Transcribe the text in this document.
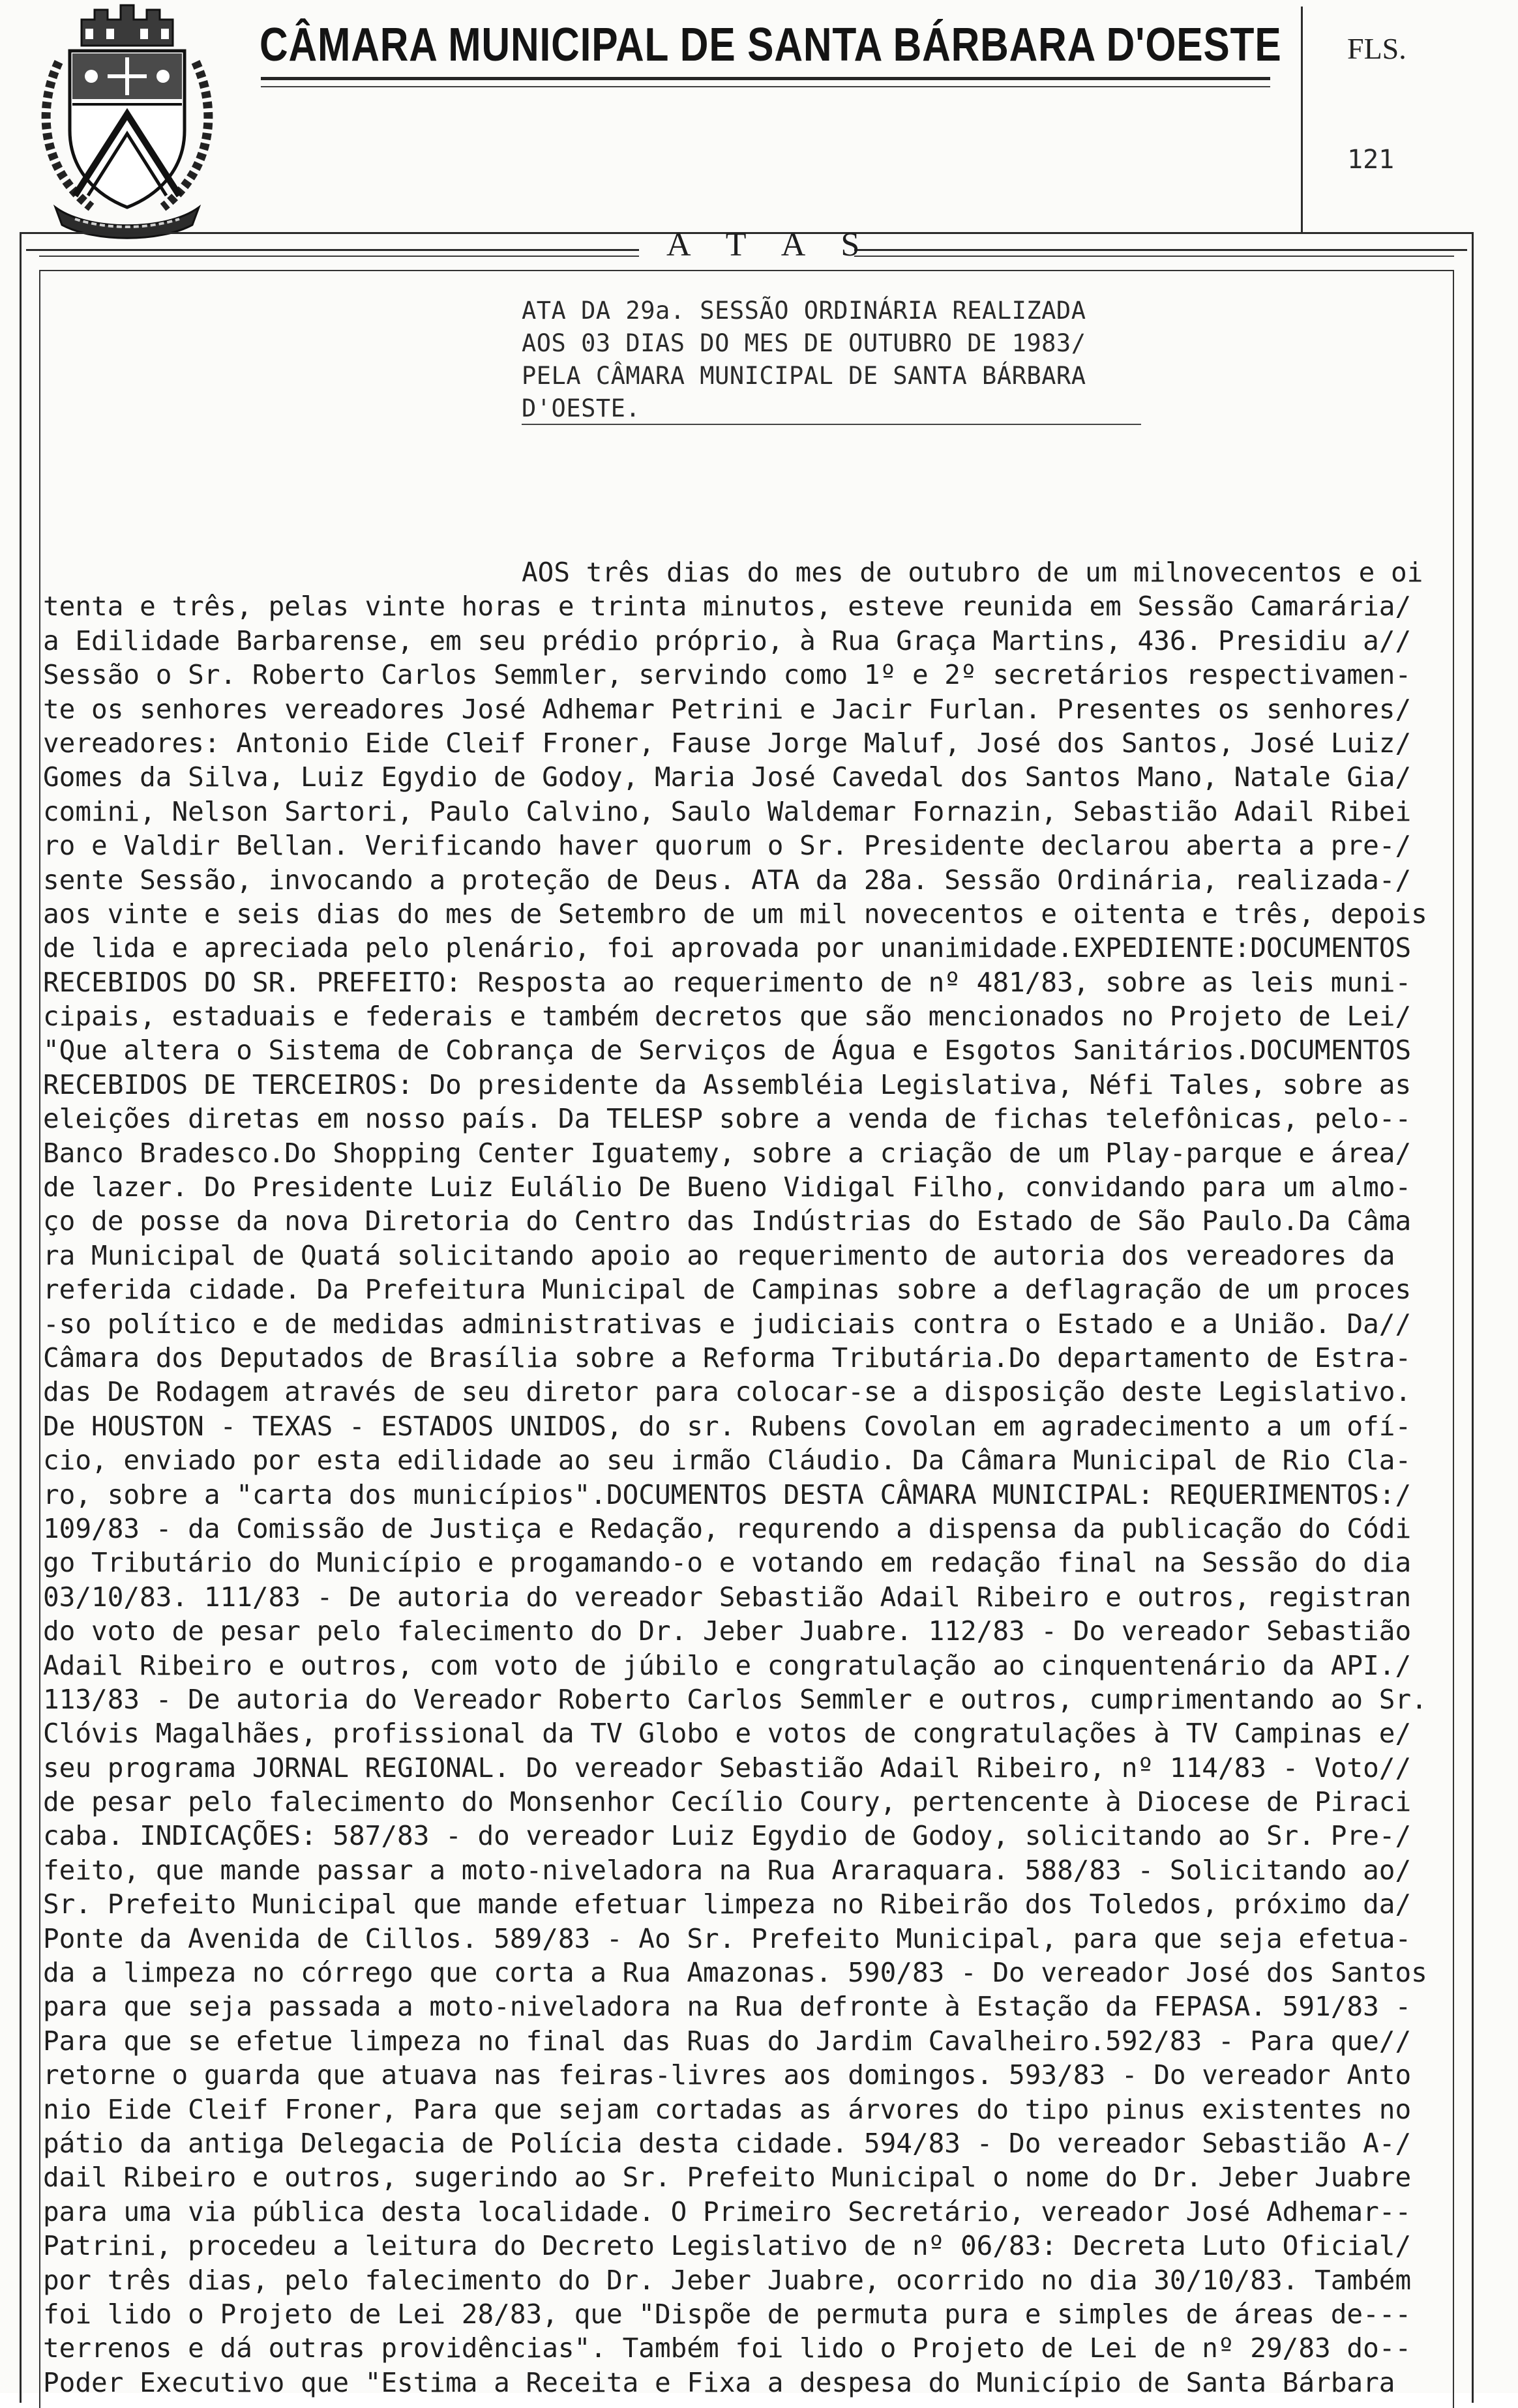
CÂMARA MUNICIPAL DE SANTA BÁRBARA D'OESTE FLS.
121
A T A S
ATA DA 29a. SESSÃO ORDINÁRIA REALIZADA
AOS 03 DIAS DO MES DE OUTUBRO DE 1983/
PELA CÂMARA MUNICIPAL DE SANTA BÁRBARA
D'OESTE.
AOS três dias do mes de outubro de um milnovecentos e oi
tenta e três, pelas vinte horas e trinta minutos, esteve reunida em Sessão Camarária/
a Edilidade Barbarense, em seu prédio próprio, à Rua Graça Martins, 436. Presidiu a//
Sessão o Sr. Roberto Carlos Semmler, servindo como 1º e 2º secretários respectivamen-
te os senhores vereadores José Adhemar Petrini e Jacir Furlan. Presentes os senhores/
vereadores: Antonio Eide Cleif Froner, Fause Jorge Maluf, José dos Santos, José Luiz/
Gomes da Silva, Luiz Egydio de Godoy, Maria José Cavedal dos Santos Mano, Natale Gia/
comini, Nelson Sartori, Paulo Calvino, Saulo Waldemar Fornazin, Sebastião Adail Ribei
ro e Valdir Bellan. Verificando haver quorum o Sr. Presidente declarou aberta a pre-/
sente Sessão, invocando a proteção de Deus. ATA da 28a. Sessão Ordinária, realizada-/
aos vinte e seis dias do mes de Setembro de um mil novecentos e oitenta e três, depois
de lida e apreciada pelo plenário, foi aprovada por unanimidade.EXPEDIENTE:DOCUMENTOS
RECEBIDOS DO SR. PREFEITO: Resposta ao requerimento de nº 481/83, sobre as leis muni-
cipais, estaduais e federais e também decretos que são mencionados no Projeto de Lei/
"Que altera o Sistema de Cobrança de Serviços de Água e Esgotos Sanitários.DOCUMENTOS
RECEBIDOS DE TERCEIROS: Do presidente da Assembléia Legislativa, Néfi Tales, sobre as
eleições diretas em nosso país. Da TELESP sobre a venda de fichas telefônicas, pelo--
Banco Bradesco.Do Shopping Center Iguatemy, sobre a criação de um Play-parque e área/
de lazer. Do Presidente Luiz Eulálio De Bueno Vidigal Filho, convidando para um almo-
ço de posse da nova Diretoria do Centro das Indústrias do Estado de São Paulo.Da Câma
ra Municipal de Quatá solicitando apoio ao requerimento de autoria dos vereadores da
referida cidade. Da Prefeitura Municipal de Campinas sobre a deflagração de um proces
-so político e de medidas administrativas e judiciais contra o Estado e a União. Da//
Câmara dos Deputados de Brasília sobre a Reforma Tributária.Do departamento de Estra-
das De Rodagem através de seu diretor para colocar-se a disposição deste Legislativo.
De HOUSTON - TEXAS - ESTADOS UNIDOS, do sr. Rubens Covolan em agradecimento a um ofí-
cio, enviado por esta edilidade ao seu irmão Cláudio. Da Câmara Municipal de Rio Cla-
ro, sobre a "carta dos municípios".DOCUMENTOS DESTA CÂMARA MUNICIPAL: REQUERIMENTOS:/
109/83 - da Comissão de Justiça e Redação, requrendo a dispensa da publicação do Códi
go Tributário do Município e progamando-o e votando em redação final na Sessão do dia
03/10/83. 111/83 - De autoria do vereador Sebastião Adail Ribeiro e outros, registran
do voto de pesar pelo falecimento do Dr. Jeber Juabre. 112/83 - Do vereador Sebastião
Adail Ribeiro e outros, com voto de júbilo e congratulação ao cinquentenário da API./
113/83 - De autoria do Vereador Roberto Carlos Semmler e outros, cumprimentando ao Sr.
Clóvis Magalhães, profissional da TV Globo e votos de congratulações à TV Campinas e/
seu programa JORNAL REGIONAL. Do vereador Sebastião Adail Ribeiro, nº 114/83 - Voto//
de pesar pelo falecimento do Monsenhor Cecílio Coury, pertencente à Diocese de Piraci
caba. INDICAÇÕES: 587/83 - do vereador Luiz Egydio de Godoy, solicitando ao Sr. Pre-/
feito, que mande passar a moto-niveladora na Rua Araraquara. 588/83 - Solicitando ao/
Sr. Prefeito Municipal que mande efetuar limpeza no Ribeirão dos Toledos, próximo da/
Ponte da Avenida de Cillos. 589/83 - Ao Sr. Prefeito Municipal, para que seja efetua-
da a limpeza no córrego que corta a Rua Amazonas. 590/83 - Do vereador José dos Santos
para que seja passada a moto-niveladora na Rua defronte à Estação da FEPASA. 591/83 -
Para que se efetue limpeza no final das Ruas do Jardim Cavalheiro.592/83 - Para que//
retorne o guarda que atuava nas feiras-livres aos domingos. 593/83 - Do vereador Anto
nio Eide Cleif Froner, Para que sejam cortadas as árvores do tipo pinus existentes no
pátio da antiga Delegacia de Polícia desta cidade. 594/83 - Do vereador Sebastião A-/
dail Ribeiro e outros, sugerindo ao Sr. Prefeito Municipal o nome do Dr. Jeber Juabre
para uma via pública desta localidade. O Primeiro Secretário, vereador José Adhemar--
Patrini, procedeu a leitura do Decreto Legislativo de nº 06/83: Decreta Luto Oficial/
por três dias, pelo falecimento do Dr. Jeber Juabre, ocorrido no dia 30/10/83. Também
foi lido o Projeto de Lei 28/83, que "Dispõe de permuta pura e simples de áreas de---
terrenos e dá outras providências". Também foi lido o Projeto de Lei de nº 29/83 do--
Poder Executivo que "Estima a Receita e Fixa a despesa do Município de Santa Bárbara
